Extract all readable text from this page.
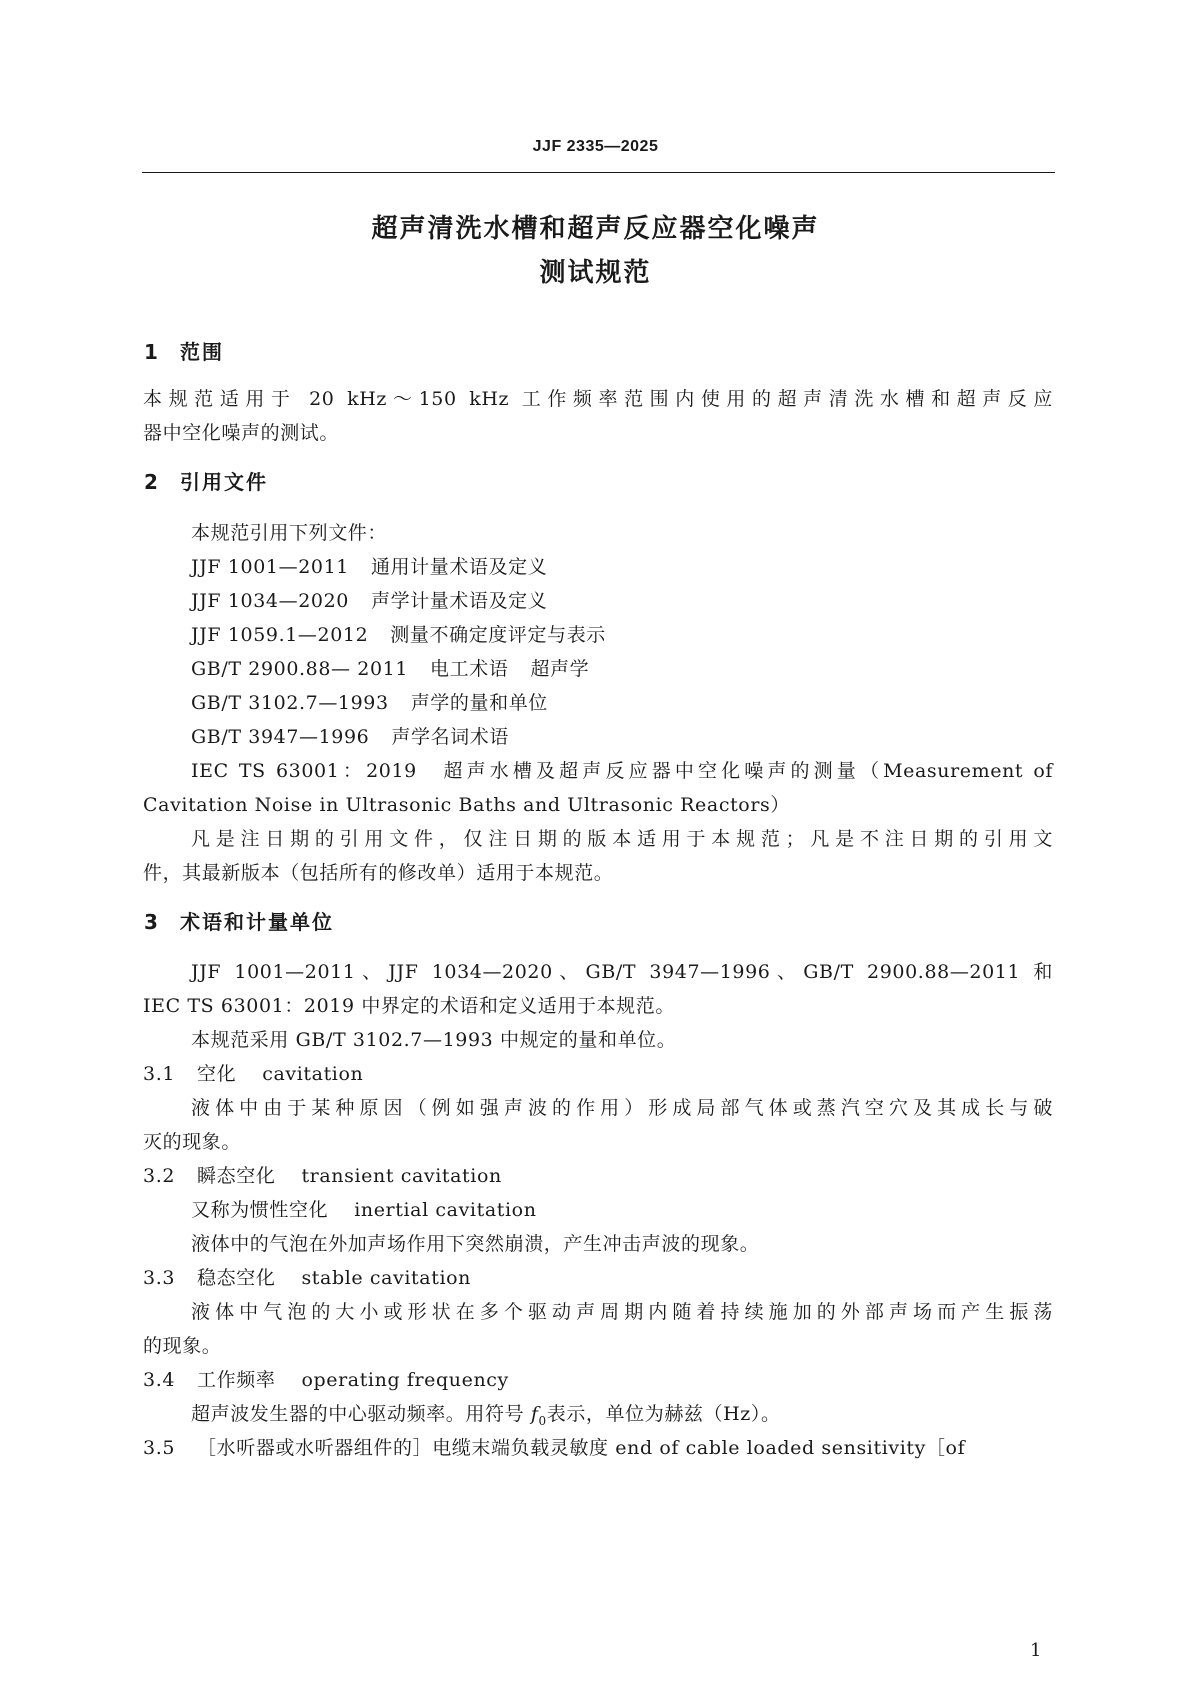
JJF 2335—2025
超声清洗水槽和超声反应器空化噪声
测试规范
1 范围
本规范适用于 20 kHz～150 kHz 工作频率范围内使用的超声清洗水槽和超声反应
器中空化噪声的测试。
2 引用文件
本规范引用下列文件：
JJF 1001—2011 通用计量术语及定义
JJF 1034—2020 声学计量术语及定义
JJF 1059.1—2012 测量不确定度评定与表示
GB/T 2900.88— 2011 电工术语 超声学
GB/T 3102.7—1993 声学的量和单位
GB/T 3947—1996 声学名词术语
IEC TS 63001：2019　超声水槽及超声反应器中空化噪声的测量（Measurement of
Cavitation Noise in Ultrasonic Baths and Ultrasonic Reactors）
凡是注日期的引用文件，仅注日期的版本适用于本规范；凡是不注日期的引用文
件，其最新版本（包括所有的修改单）适用于本规范。
3 术语和计量单位
JJF 1001—2011、JJF 1034—2020、GB/T 3947—1996、GB/T 2900.88—2011 和
IEC TS 63001：2019 中界定的术语和定义适用于本规范。
本规范采用 GB/T 3102.7—1993 中规定的量和单位。
3.1 空化 cavitation
液体中由于某种原因（例如强声波的作用）形成局部气体或蒸汽空穴及其成长与破
灭的现象。
3.2 瞬态空化 transient cavitation
又称为惯性空化 inertial cavitation
液体中的气泡在外加声场作用下突然崩溃，产生冲击声波的现象。
3.3 稳态空化 stable cavitation
液体中气泡的大小或形状在多个驱动声周期内随着持续施加的外部声场而产生振荡
的现象。
3.4 工作频率 operating frequency
超声波发生器的中心驱动频率。用符号 $f_0$表示，单位为赫兹（Hz）。
3.5 ［水听器或水听器组件的］电缆末端负载灵敏度 end of cable loaded sensitivity［of
1
